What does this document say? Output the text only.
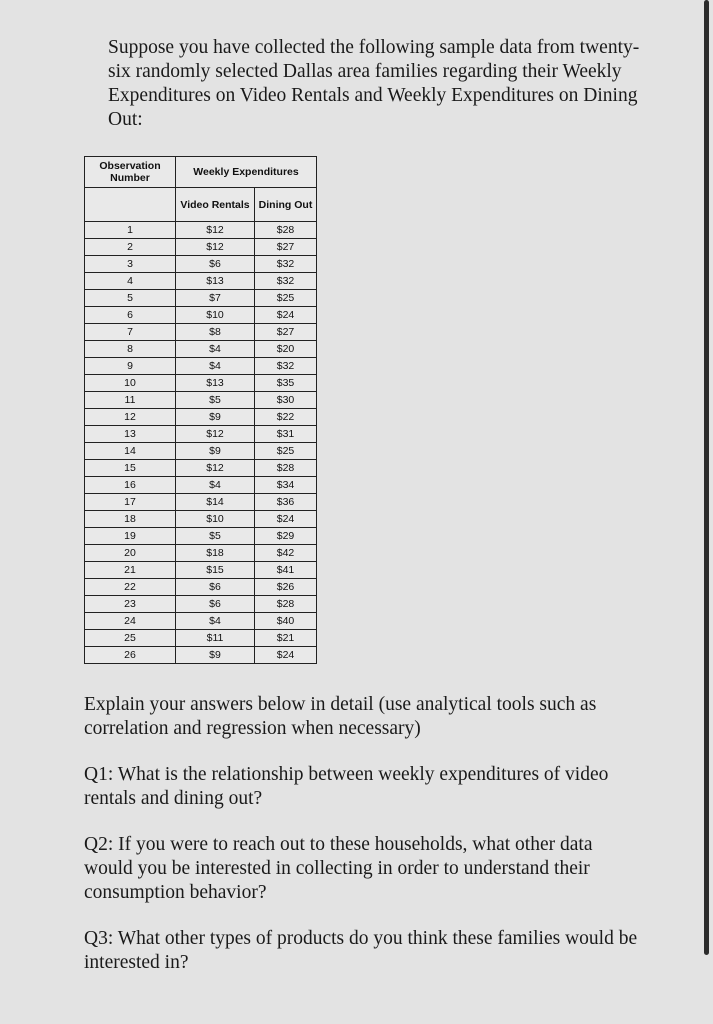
Suppose you have collected the following sample data from twenty-six randomly selected Dallas area families regarding their Weekly Expenditures on Video Rentals and Weekly Expenditures on Dining Out:

Observation Number	Weekly Expenditures	
	Video Rentals	Dining Out
1	$12	$28
2	$12	$27
3	$6	$32
4	$13	$32
5	$7	$25
6	$10	$24
7	$8	$27
8	$4	$20
9	$4	$32
10	$13	$35
11	$5	$30
12	$9	$22
13	$12	$31
14	$9	$25
15	$12	$28
16	$4	$34
17	$14	$36
18	$10	$24
19	$5	$29
20	$18	$42
21	$15	$41
22	$6	$26
23	$6	$28
24	$4	$40
25	$11	$21
26	$9	$24

Explain your answers below in detail (use analytical tools such as correlation and regression when necessary)

Q1: What is the relationship between weekly expenditures of video rentals and dining out?

Q2: If you were to reach out to these households, what other data would you be interested in collecting in order to understand their consumption behavior?

Q3: What other types of products do you think these families would be interested in?
